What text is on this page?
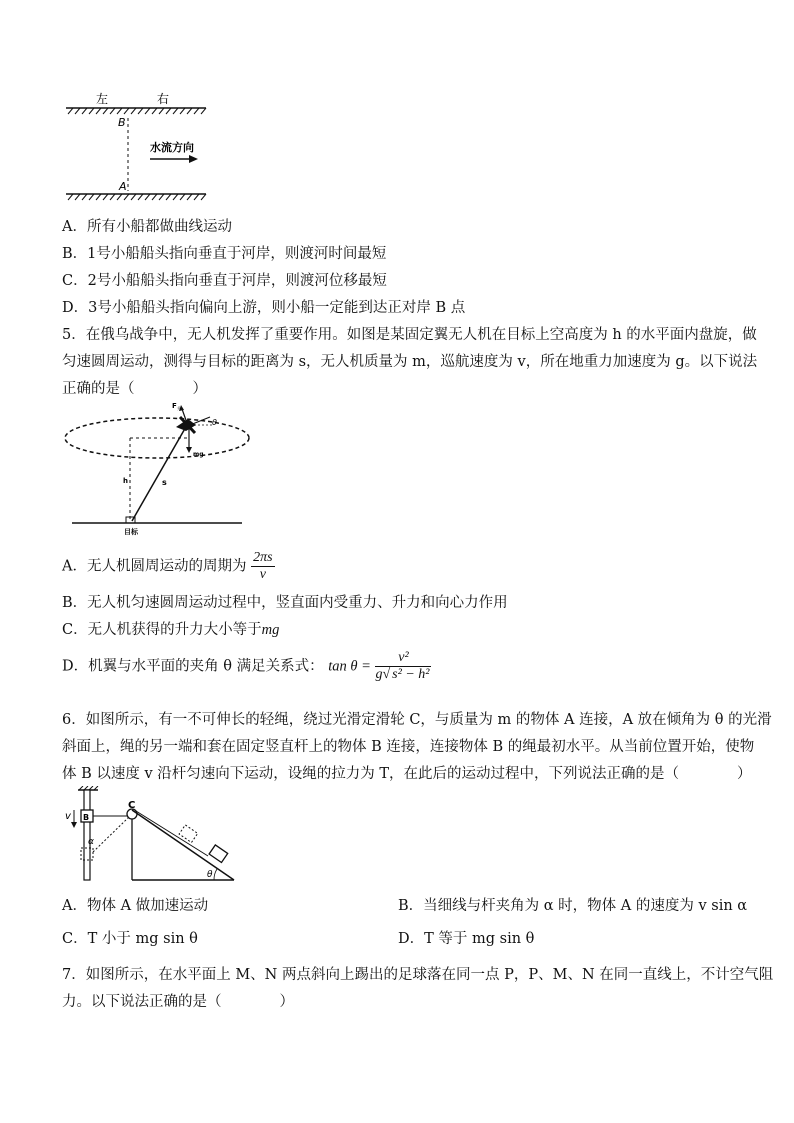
左	右
B
A
水流方向
A．所有小船都做曲线运动
B．1号小船船头指向垂直于河岸，则渡河时间最短
C．2号小船船头指向垂直于河岸，则渡河位移最短
D．3号小船船头指向偏向上游，则小船一定能到达正对岸 B 点
5．在俄乌战争中，无人机发挥了重要作用。如图是某固定翼无人机在目标上空高度为 h 的水平面内盘旋，做
匀速圆周运动，测得与目标的距离为 s，无人机质量为 m，巡航速度为 v，所在地重力加速度为 g。以下说法
正确的是（　　　　）
F 升
θ
mg
h	s
目标
A．无人机圆周运动的周期为 $\frac{2\pi s}{v}$
B．无人机匀速圆周运动过程中，竖直面内受重力、升力和向心力作用
C．无人机获得的升力大小等于mg
D．机翼与水平面的夹角 θ 满足关系式： $\tan \theta = \frac{\text{v²}}{\text{g√ s² − h²}}$
6．如图所示，有一不可伸长的轻绳，绕过光滑定滑轮 C，与质量为 m 的物体 A 连接，A 放在倾角为 θ 的光滑
斜面上，绳的另一端和套在固定竖直杆上的物体 B 连接，连接物体 B 的绳最初水平。从当前位置开始，使物
体 B 以速度 v 沿杆匀速向下运动，设绳的拉力为 T，在此后的运动过程中，下列说法正确的是（　　　　）
v B
C
α
θ
A．物体 A 做加速运动	B．当细线与杆夹角为 α 时，物体 A 的速度为 v sin α
C．T 小于 mg sin θ	D．T 等于 mg sin θ
7．如图所示，在水平面上 M、N 两点斜向上踢出的足球落在同一点 P，P、M、N 在同一直线上，不计空气阻
力。以下说法正确的是（　　　　）
